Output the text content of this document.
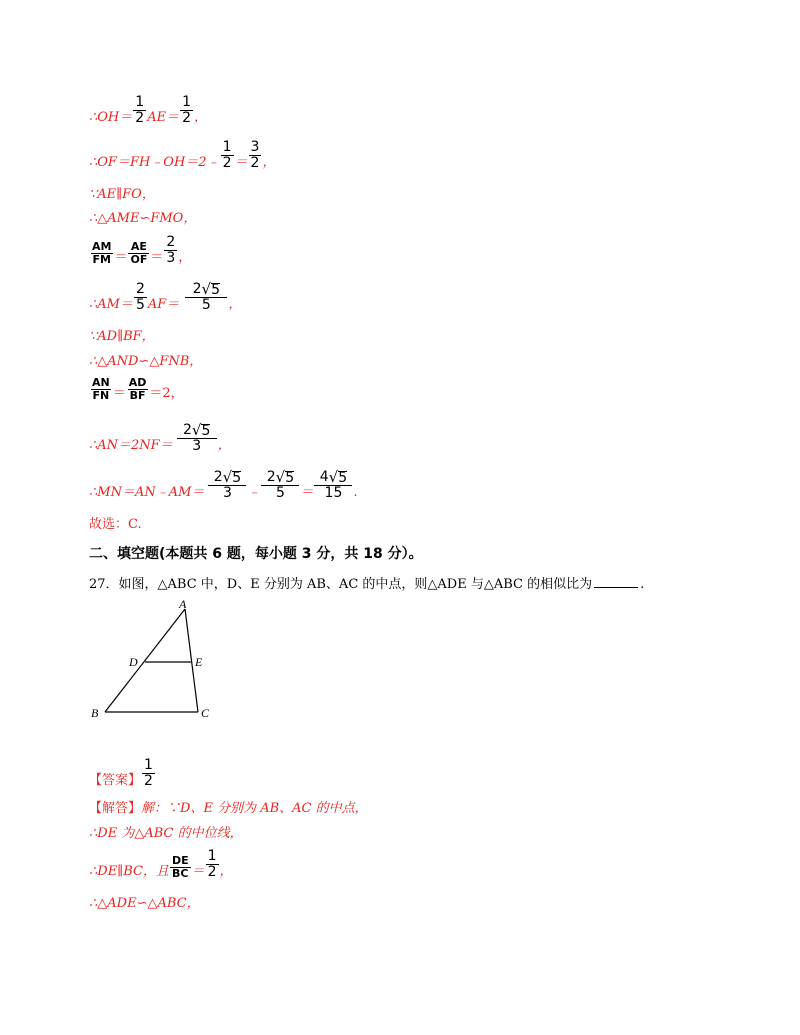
∴OH＝ $\frac{1}{2} AE= \frac{1}{2}$ ，
∴OF＝FH﹣OH＝2﹣ $\frac{1}{2} = \frac{3}{2}$ ，
∵AE∥FO，
∴△AME∽FMO，
$\frac{AM}{FM} = \frac{AE}{OF} = \frac{2}{3}$ ，
∴AM＝ $\frac{2}{5} AF= \frac{2 √ 5}{5}$ ，
∵AD∥BF，
∴△AND∽△FNB，
$\frac{AN}{FN} = \frac{AD}{BF} =2$，
∴AN＝2NF＝ $\frac{2 √ 5}{3}$ ，
∴MN＝AN﹣AM＝ $\frac{2 √ 5}{3}$ ﹣ $\frac{2 √ 5}{5} = \frac{4 √ 5}{15}$ .
故选：C.
二、填空题(本题共 6 题，每小题 3 分，共 18 分）。
27．如图，△ABC 中，D、E 分别为 AB、AC 的中点，则△ADE 与△ABC 的相似比为	.
A
D	E
B	C
【答案】 $\frac{1}{2}$
【解答】 解：∵D、E 分别为 AB、AC 的中点，
∴DE 为△ABC 的中位线，
∴DE∥BC，且 $\frac{DE}{BC} = \frac{1}{2}$ ，
∴△ADE∽△ABC，
